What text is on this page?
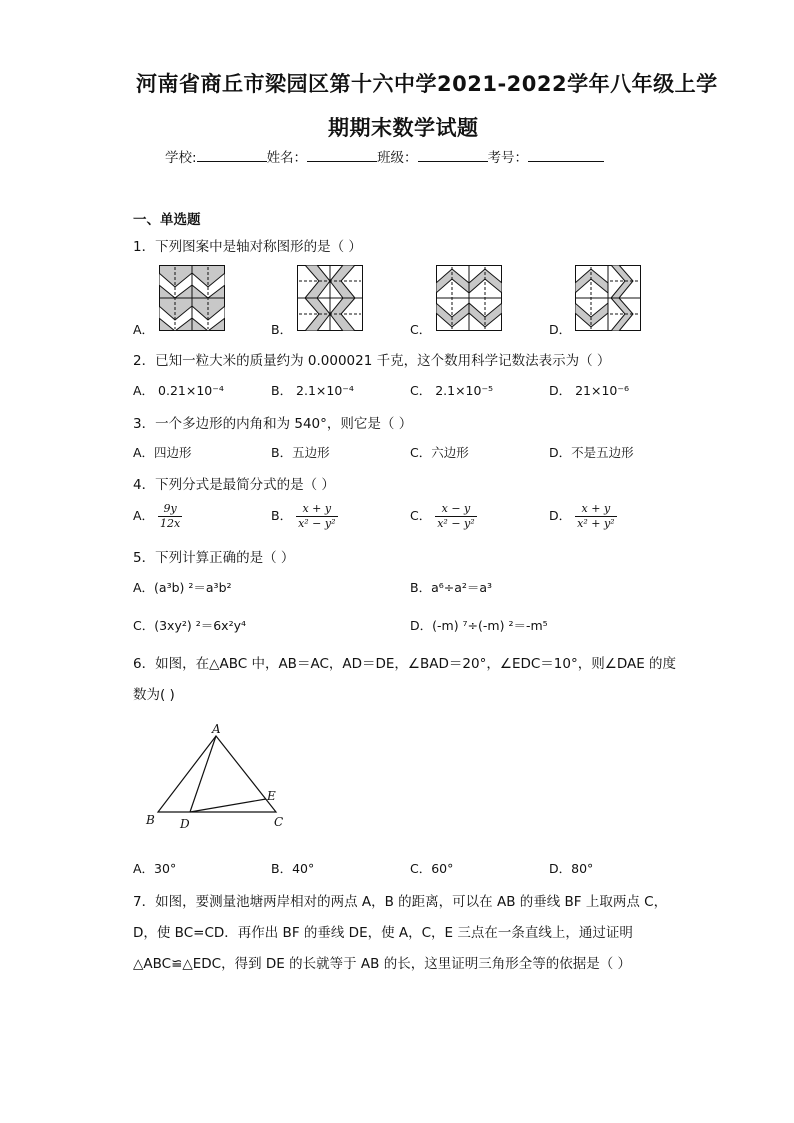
河南省商丘市梁园区第十六中学2021-2022学年八年级上学
期期末数学试题
学校:	姓名：	班级：	考号：
一、单选题
1．下列图案中是轴对称图形的是（ ）
A．	B．	C．	D．
2．已知一粒大米的质量约为 0.000021 千克，这个数用科学记数法表示为（ ）
A． 0.21×10⁻⁴	B． 2.1×10⁻⁴	C． 2.1×10⁻⁵	D． 21×10⁻⁶
3．一个多边形的内角和为 540°，则它是（ ）
A．四边形	B．五边形	C．六边形	D．不是五边形
4．下列分式是最简分式的是（ ）
A． $\frac{9y}{12x}$	B． $\frac{x + y}{\text{x² − y²}}$	C． $\frac{x - y}{\text{x² − y²}}$	D． $\frac{x + y}{\text{x² + y²}}$
5．下列计算正确的是（ ）
A．(a³b) ²＝a³b²	B．a⁶÷a²＝a³
C．(3xy²) ²＝6x²y⁴	D．(-m) ⁷÷(-m) ²＝-m⁵
6．如图，在△ABC 中，AB＝AC，AD＝DE，∠BAD＝20°，∠EDC＝10°，则∠DAE 的度
数为( )
A
B D	C
E
A．30°	B．40°	C．60°	D．80°
7．如图，要测量池塘两岸相对的两点 A，B 的距离，可以在 AB 的垂线 BF 上取两点 C，
D，使 BC=CD．再作出 BF 的垂线 DE，使 A，C，E 三点在一条直线上，通过证明
△ABC≌△EDC，得到 DE 的长就等于 AB 的长，这里证明三角形全等的依据是（ ）
